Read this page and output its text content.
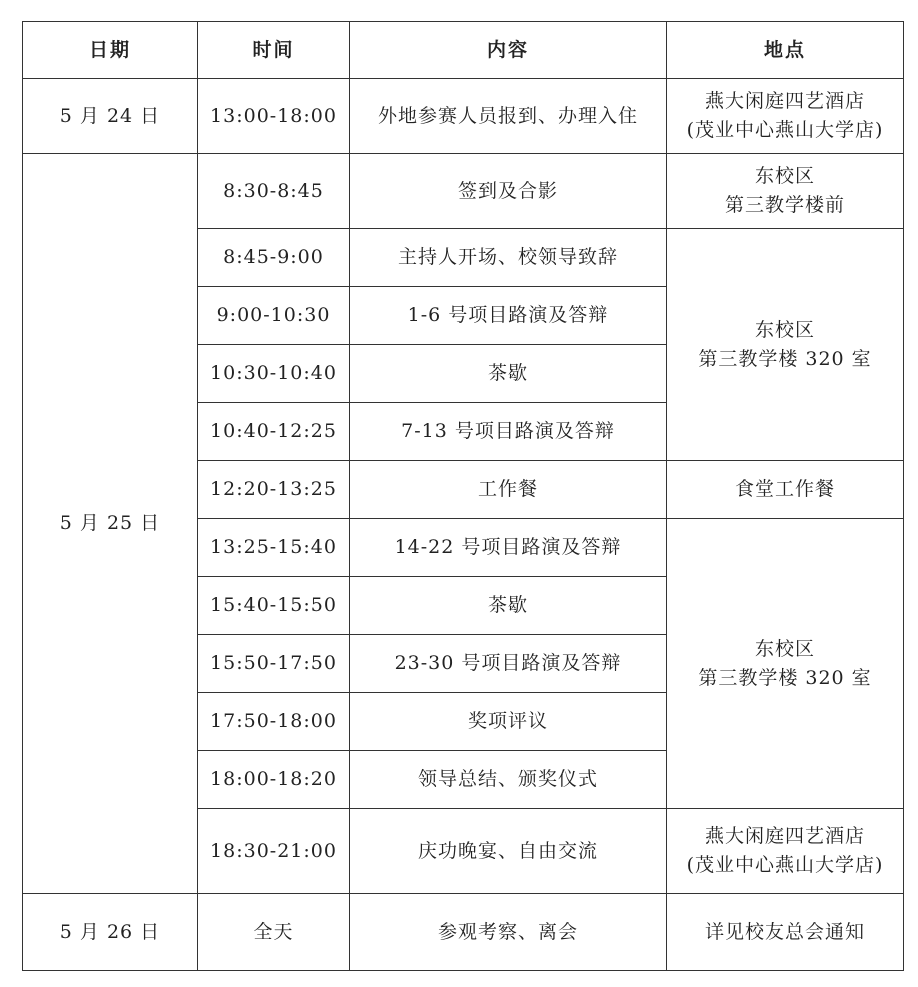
日期	时间	内容	地点
5 月 24 日	13:00-18:00	外地参赛人员报到、办理入住	燕大闲庭四艺酒店
(茂业中心燕山大学店)

5 月 25 日	8:30-8:45	签到及合影	东校区
第三教学楼前

	8:45-9:00	主持人开场、校领导致辞	东校区
第三教学楼 320 室

	9:00-10:30	1-6 号项目路演及答辩	
	10:30-10:40	茶歇	
	10:40-12:25	7-13 号项目路演及答辩	
	12:20-13:25	工作餐	食堂工作餐
	13:25-15:40	14-22 号项目路演及答辩	东校区
第三教学楼 320 室

	15:40-15:50	茶歇	
	15:50-17:50	23-30 号项目路演及答辩	
	17:50-18:00	奖项评议	
	18:00-18:20	领导总结、颁奖仪式	
	18:30-21:00	庆功晚宴、自由交流	燕大闲庭四艺酒店
(茂业中心燕山大学店)

5 月 26 日	全天	参观考察、离会	详见校友总会通知
